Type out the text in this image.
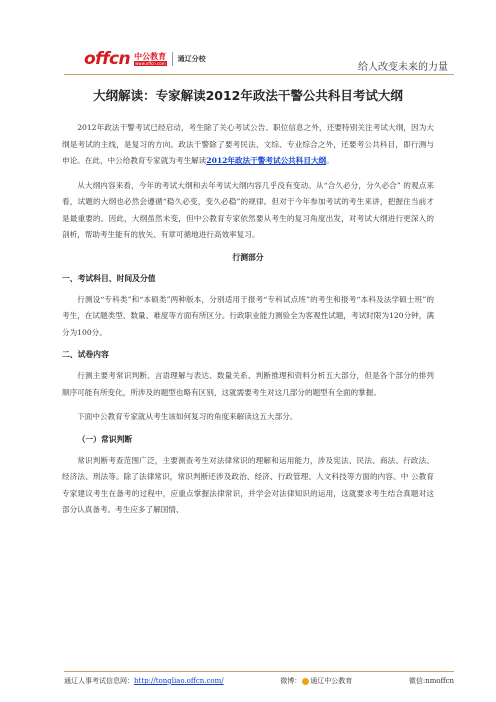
offcn 中公教育
www.offcn.com
通辽分校
给人改变未来的力量
大纲解读：专家解读2012年政法干警公共科目考试大纲

2012年政法干警考试已经启动，考生除了关心考试公告、职位信息之外，还要特别关注考试大纲，因为大纲是考试的主线，是复习的方向。政法干警除了要考民法、文综、专业综合之外，还要考公共科目，即行测与申论。在此，中公给教育专家就为考生解读2012年政法干警考试公共科目大纲。

从大纲内容来看，今年的考试大纲和去年考试大纲内容几乎没有变动。从“合久必分，分久必合” 的观点来看，试题的大纲也必然会遵循“稳久必变，变久必稳”的规律。但对于今年参加考试的考生来讲，把握住当前才是最重要的。因此，大纲虽然未变，但中公教育专家依然要从考生的复习角度出发，对考试大纲进行更深入的剖析，帮助考生能有的放矢、有章可循地进行高效率复习。

行测部分
一、考试科目、时间及分值

行测设“专科类”和“本硕类”两种版本，分别适用于报考“专科试点班”的考生和报考“本科及法学硕士班”的考生，在试题类型、数量、难度等方面有所区分。行政职业能力测验全为客观性试题，考试时限为120分钟，满分为100分。

二、试卷内容

行测主要考常识判断、言语理解与表达、数量关系、判断推理和资料分析五大部分，但是各个部分的排列顺序可能有所变化，所涉及的题型也略有区别，这就需要考生对这几部分的题型有全面的掌握。

下面中公教育专家就从考生该如何复习的角度来解读这五大部分。

（一）常识判断

常识判断考查范围广泛，主要测查考生对法律常识的理解和运用能力，涉及宪法、民法、商法、行政法、经济法、刑法等。除了法律常识，常识判断还涉及政治、经济、行政管理、人文科技等方面的内容。中 公教育专家建议考生在备考的过程中，应重点掌握法律常识，并学会对法律知识的运用，这就要求考生结合真题对这部分认真备考。考生应多了解国情、

通辽人事考试信息网：http://tongliao.offcn.com/	微博： 通辽中公教育	微信:nmoffcn
